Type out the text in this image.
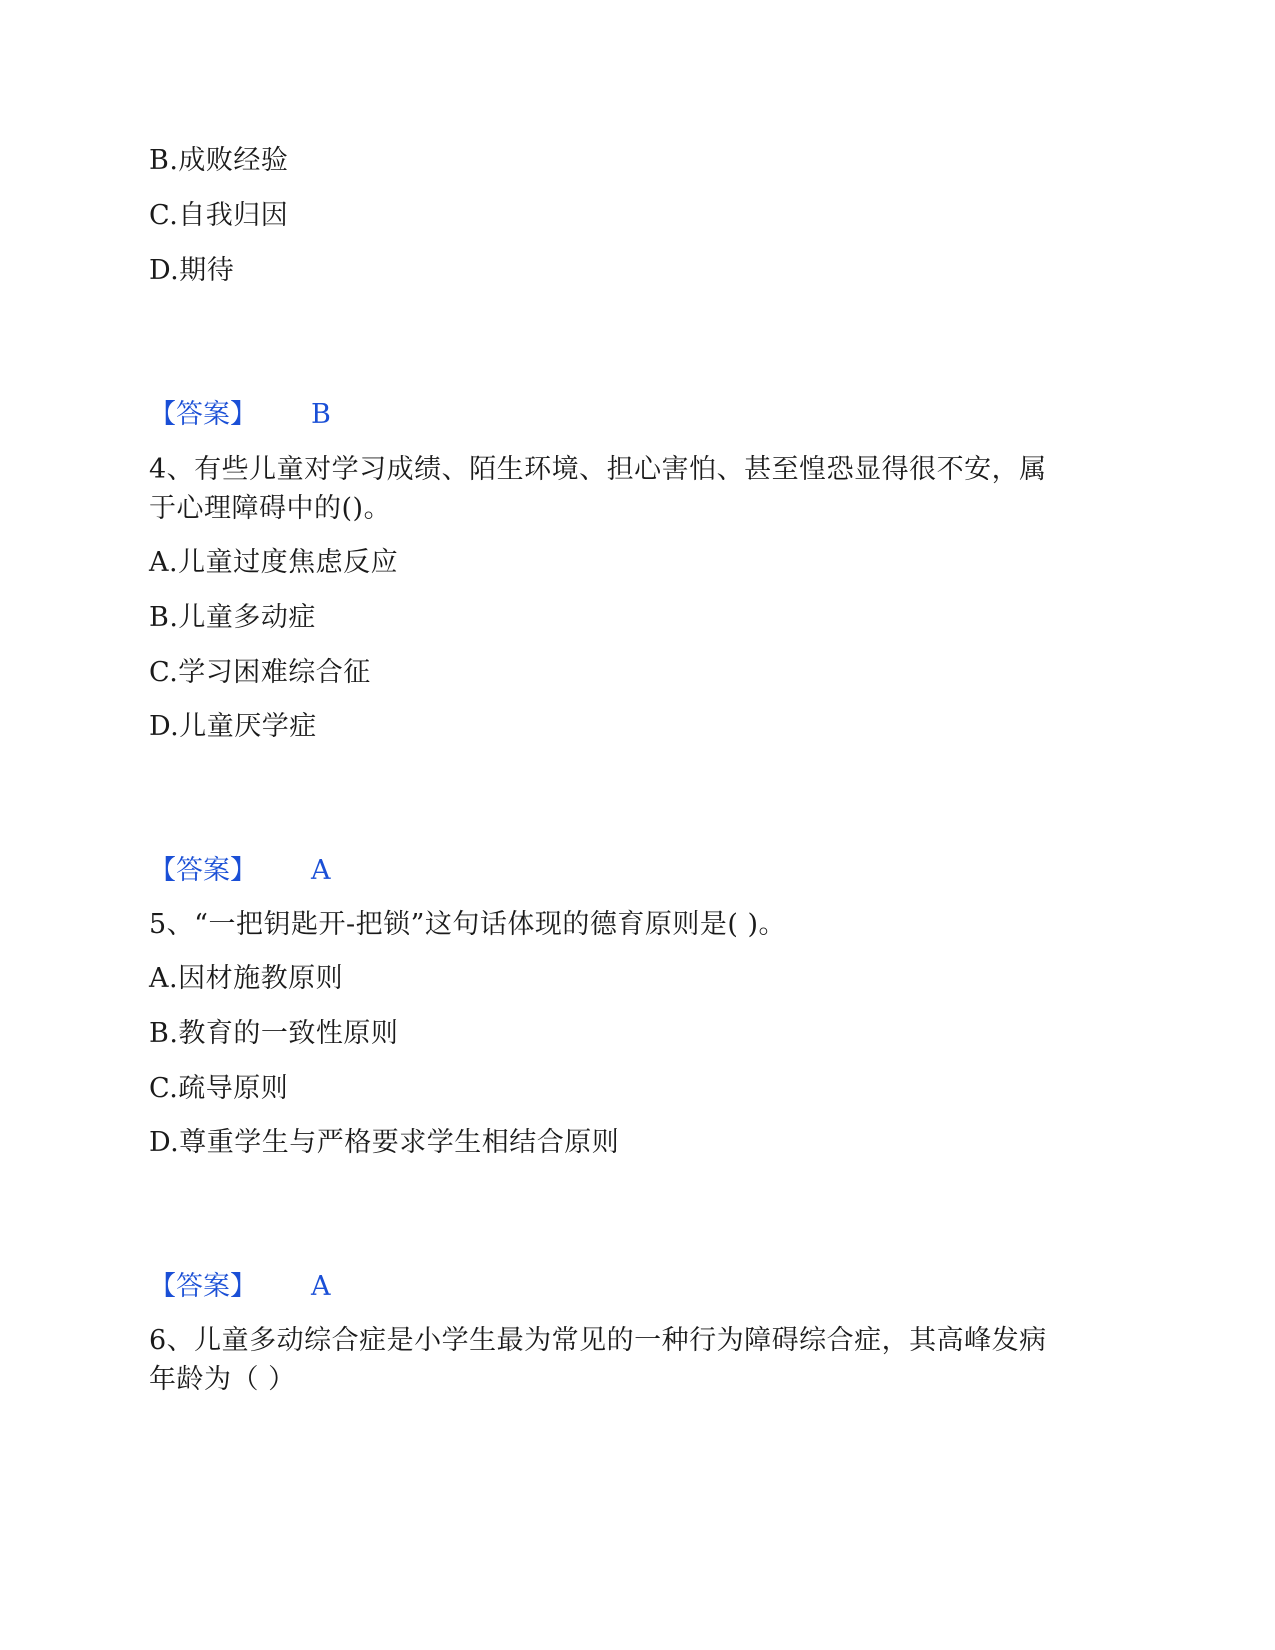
B.成败经验
C.自我归因
D.期待
【答案】 B
4、有些儿童对学习成绩、陌生环境、担心害怕、甚至惶恐显得很不安，属
于心理障碍中的()。
A.儿童过度焦虑反应
B.儿童多动症
C.学习困难综合征
D.儿童厌学症
【答案】 A
5、“一把钥匙开-把锁”这句话体现的德育原则是( )。
A.因材施教原则
B.教育的一致性原则
C.疏导原则
D.尊重学生与严格要求学生相结合原则
【答案】 A
6、儿童多动综合症是小学生最为常见的一种行为障碍综合症，其高峰发病
年龄为（ ）
